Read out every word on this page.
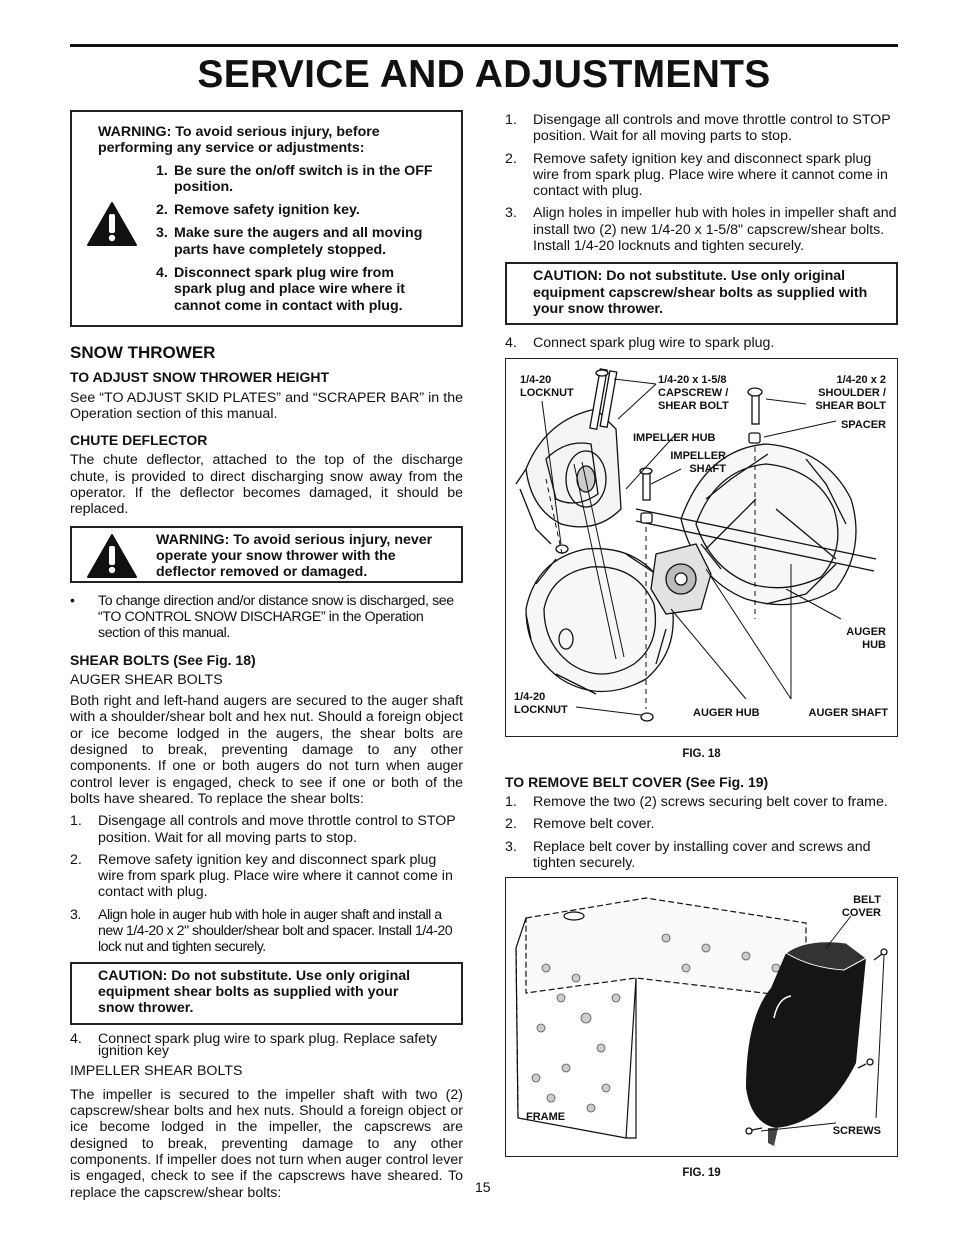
SERVICE AND ADJUSTMENTS
WARNING: To avoid serious injury, before performing any service or adjustments:
1. Be sure the on/off switch is in the OFF position.
2. Remove safety ignition key.
3. Make sure the augers and all moving parts have completely stopped.
4. Disconnect spark plug wire from spark plug and place wire where it cannot come in contact with plug.
SNOW THROWER
TO ADJUST SNOW THROWER HEIGHT

See “TO ADJUST SKID PLATES” and “SCRAPER BAR” in the Operation section of this manual.

CHUTE DEFLECTOR

The chute deflector, attached to the top of the discharge chute, is provided to direct discharging snow away from the operator. If the deflector becomes damaged, it should be replaced.

WARNING: To avoid serious injury, never operate your snow thrower with the deflector removed or damaged.
•	To change direction and/or distance snow is discharged, see “TO CONTROL SNOW DISCHARGE” in the Operation section of this manual.
SHEAR BOLTS (See Fig. 18)
AUGER SHEAR BOLTS

Both right and left-hand augers are secured to the auger shaft with a shoulder/shear bolt and hex nut. Should a foreign object or ice become lodged in the augers, the shear bolts are designed to break, preventing damage to any other components. If one or both augers do not turn when auger control lever is engaged, check to see if one or both of the bolts have sheared. To replace the shear bolts:

1.	Disengage all controls and move throttle control to STOP position. Wait for all moving parts to stop.
2.	Remove safety ignition key and disconnect spark plug wire from spark plug. Place wire where it cannot come in contact with plug.
3.	Align hole in auger hub with hole in auger shaft and install a new 1/4-20 x 2" shoulder/shear bolt and spacer. Install 1/4-20 lock nut and tighten securely.
CAUTION: Do not substitute. Use only original equipment shear bolts as supplied with your snow thrower.
4.	Connect spark plug wire to spark plug. Replace safety ignition key
IMPELLER SHEAR BOLTS

The impeller is secured to the impeller shaft with two (2) capscrew/shear bolts and hex nuts. Should a foreign object or ice become lodged in the impeller, the capscrews are designed to break, preventing damage to any other components. If impeller does not turn when auger control lever is engaged, check to see if the capscrews have sheared. To replace the capscrew/shear bolts:

1.	Disengage all controls and move throttle control to STOP position. Wait for all moving parts to stop.
2.	Remove safety ignition key and disconnect spark plug wire from spark plug. Place wire where it cannot come in contact with plug.
3.	Align holes in impeller hub with holes in impeller shaft and install two (2) new 1/4-20 x 1-5/8" capscrew/shear bolts. Install 1/4-20 locknuts and tighten securely.
CAUTION: Do not substitute. Use only original equipment capscrew/shear bolts as supplied with your snow thrower.
4.	Connect spark plug wire to spark plug.
1/4-20
LOCKNUT
1/4-20 x 1-5/8
CAPSCREW /
SHEAR BOLT
1/4-20 x 2
SHOULDER /
SHEAR BOLT
SPACER
IMPELLER HUB
IMPELLER
SHAFT
AUGER
HUB
1/4-20
LOCKNUT	AUGER HUB	AUGER SHAFT
FIG. 18
TO REMOVE BELT COVER (See Fig. 19)
1.	Remove the two (2) screws securing belt cover to frame.
2.	Remove belt cover.
3.	Replace belt cover by installing cover and screws and tighten securely.
BELT
COVER
FRAME
SCREWS
FIG. 19
15
